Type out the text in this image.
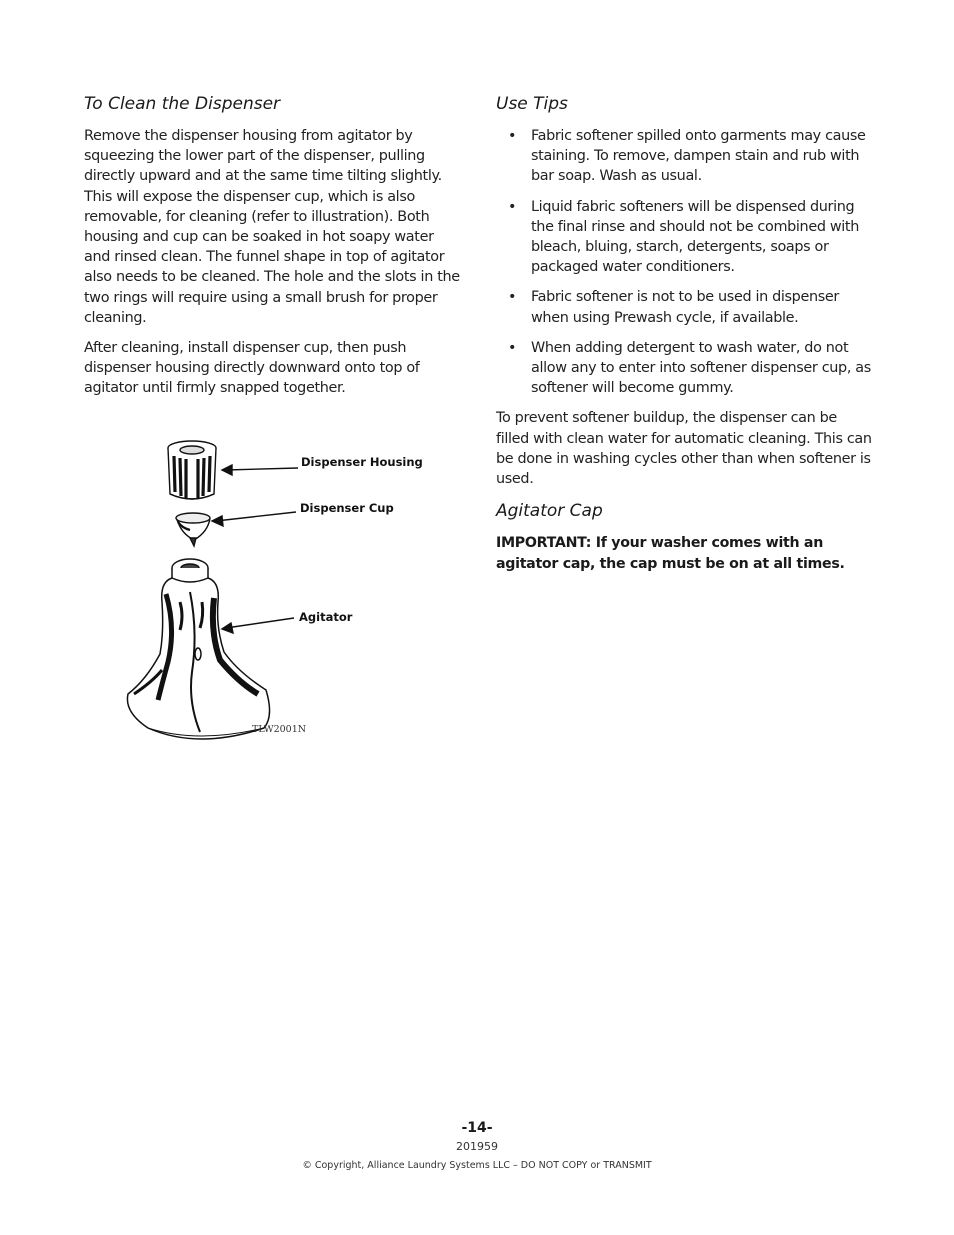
To Clean the Dispenser

Remove the dispenser housing from agitator by squeezing the lower part of the dispenser, pulling directly upward and at the same time tilting slightly. This will expose the dispenser cup, which is also removable, for cleaning (refer to illustration). Both housing and cup can be soaked in hot soapy water and rinsed clean. The funnel shape in top of agitator also needs to be cleaned. The hole and the slots in the two rings will require using a small brush for proper cleaning.

After cleaning, install dispenser cup, then push dispenser housing directly downward onto top of agitator until firmly snapped together.

Dispenser Housing
Dispenser Cup
Agitator
TLW2001N
Use Tips
• Fabric softener spilled onto garments may cause staining. To remove, dampen stain and rub with bar soap. Wash as usual.
• Liquid fabric softeners will be dispensed during the final rinse and should not be combined with bleach, bluing, starch, detergents, soaps or packaged water conditioners.
• Fabric softener is not to be used in dispenser when using Prewash cycle, if available.
• When adding detergent to wash water, do not allow any to enter into softener dispenser cup, as softener will become gummy.

To prevent softener buildup, the dispenser can be filled with clean water for automatic cleaning. This can be done in washing cycles other than when softener is used.

Agitator Cap

IMPORTANT: If your washer comes with an agitator cap, the cap must be on at all times.

-14-
201959
© Copyright, Alliance Laundry Systems LLC – DO NOT COPY or TRANSMIT
